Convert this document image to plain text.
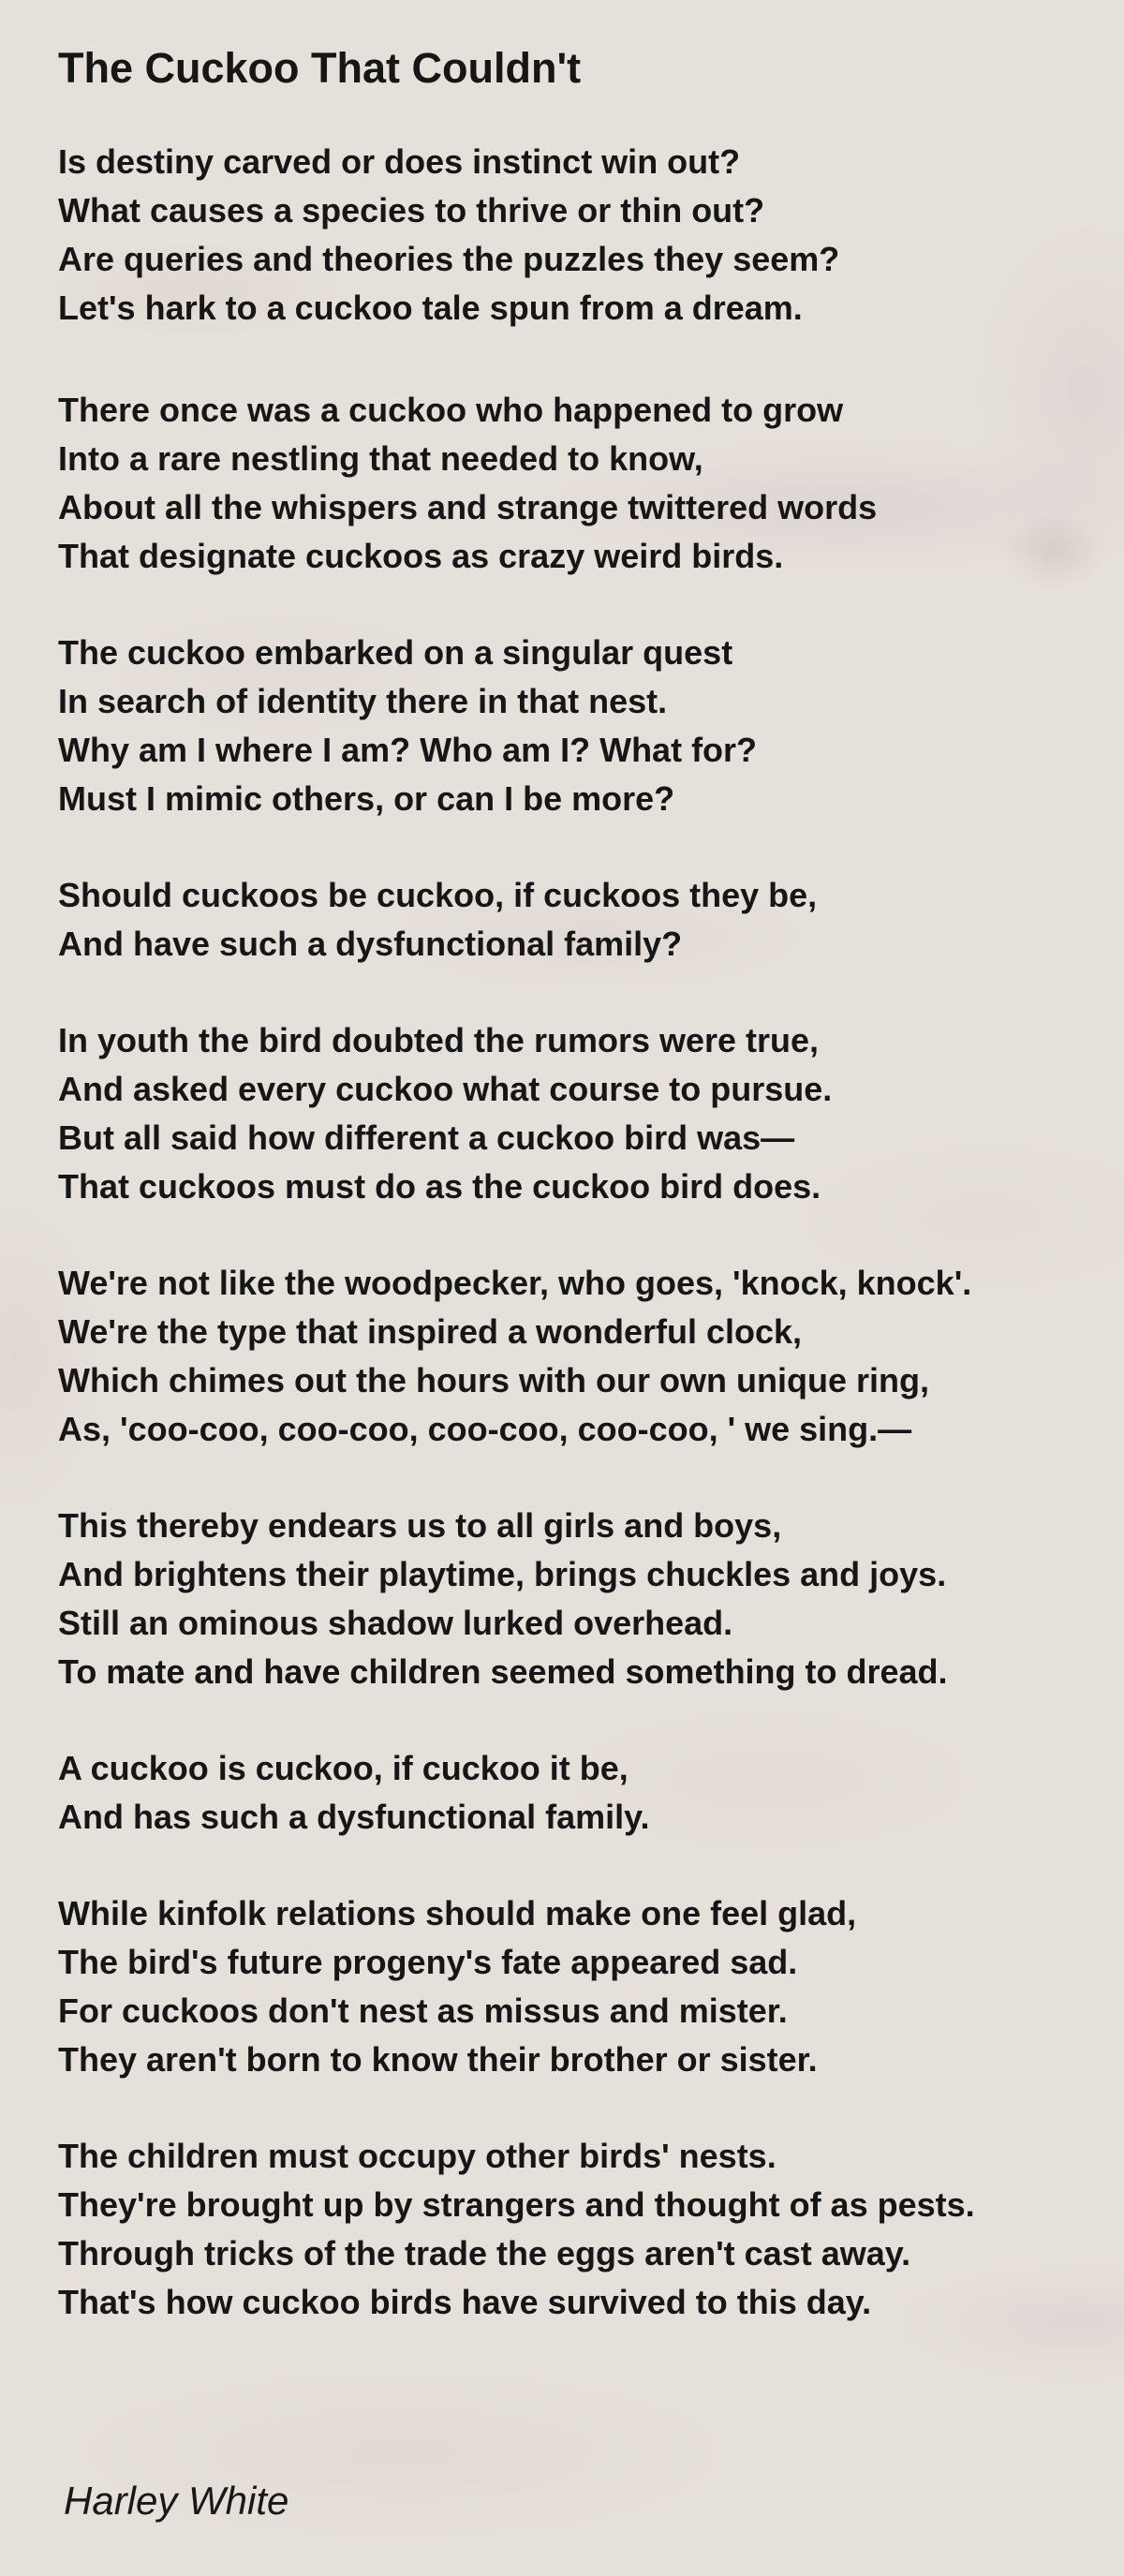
The Cuckoo That Couldn't
Is destiny carved or does instinct win out?
What causes a species to thrive or thin out?
Are queries and theories the puzzles they seem?
Let's hark to a cuckoo tale spun from a dream.
There once was a cuckoo who happened to grow
Into a rare nestling that needed to know,
About all the whispers and strange twittered words
That designate cuckoos as crazy weird birds.
The cuckoo embarked on a singular quest
In search of identity there in that nest.
Why am I where I am? Who am I? What for?
Must I mimic others, or can I be more?
Should cuckoos be cuckoo, if cuckoos they be,
And have such a dysfunctional family?
In youth the bird doubted the rumors were true,
And asked every cuckoo what course to pursue.
But all said how different a cuckoo bird was—
That cuckoos must do as the cuckoo bird does.
We're not like the woodpecker, who goes, 'knock, knock'.
We're the type that inspired a wonderful clock,
Which chimes out the hours with our own unique ring,
As, 'coo-coo, coo-coo, coo-coo, coo-coo, ' we sing.—
This thereby endears us to all girls and boys,
And brightens their playtime, brings chuckles and joys.
Still an ominous shadow lurked overhead.
To mate and have children seemed something to dread.
A cuckoo is cuckoo, if cuckoo it be,
And has such a dysfunctional family.
While kinfolk relations should make one feel glad,
The bird's future progeny's fate appeared sad.
For cuckoos don't nest as missus and mister.
They aren't born to know their brother or sister.
The children must occupy other birds' nests.
They're brought up by strangers and thought of as pests.
Through tricks of the trade the eggs aren't cast away.
That's how cuckoo birds have survived to this day.
Harley White
